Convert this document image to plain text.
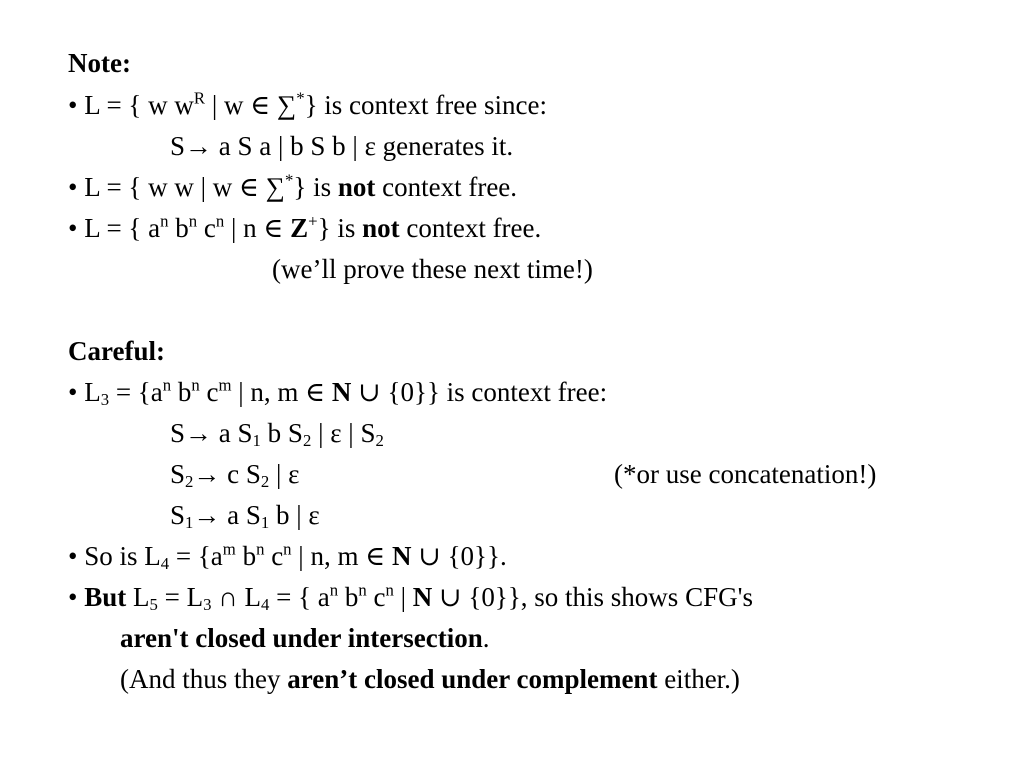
Note:
• L = { w $w^R$ | w ∈ ∑*} is context free since:
S→ a S a | b S b | ε generates it.
• L = { w w | w ∈ ∑*} is not context free.
• L = { $a^n$ $b^n$ $c^n$ | n ∈ Z+} is not context free.
(we’ll prove these next time!)
Careful:
• $L_3 = \{a^n$ $b^n$ $c^m$ | n, m ∈ N ∪ {0}} is context free:
S→ a $S_1$ b $S_2$ | ε | $S_2$
$S_2\to c$ $S_2$ | ε	(*or use concatenation!)
$S_1\to a$ $S_1$ b | ε
• So is $L_4 = \{a^m$ $b^n$ $c^n$ | n, m ∈ N ∪ {0}}.
• But $L_5 = L_3$ ∩ $L_4$ = { $a^n$ $b^n$ $c^n$ | N ∪ {0}}, so this shows CFG's
aren't closed under intersection.
(And thus they aren’t closed under complement either.)
